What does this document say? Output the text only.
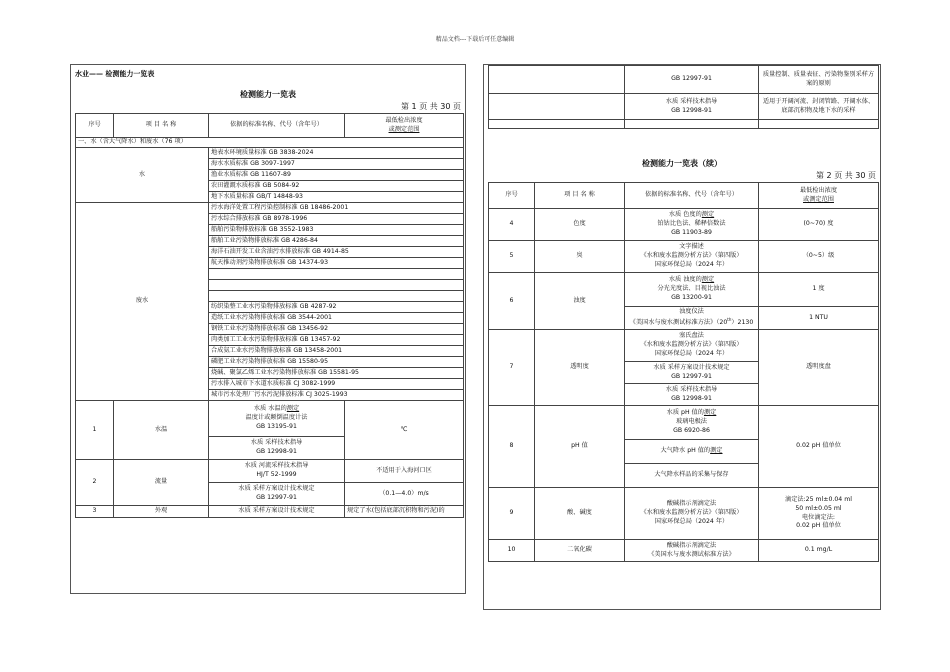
精品文档---下载后可任意编辑
水业—— 检测能力一览表
检测能力一览表
第 1 页 共 30 页
序号	项 目 名 称	依据的标准名称、代号（含年号）	最低检出浓度
或测定范围
一、水（含大气降水）和废水（76 项）			
水		地表水环境质量标准 GB 3838-2024	
		海水水质标准 GB 3097-1997	
		渔业水质标准 GB 11607-89	
		农田灌溉水质标准 GB 5084-92	
		地下水质量标准 GB/T 14848-93	
废水		污水海洋处置工程污染控制标准 GB 18486-2001	
		污水综合排放标准 GB 8978-1996	
		船舶污染物排放标准 GB 3552-1983	
		船舶工业污染物排放标准 GB 4286-84	
		海洋石油开发工业含油污水排放标准 GB 4914-85	
		航天推动剂污染物排放标准 GB 14374-93	

		纺织染整工业水污染物排放标准 GB 4287-92	
		造纸工业水污染物排放标准 GB 3544-2001	
		钢铁工业水污染物排放标准 GB 13456-92	
		肉类加工工业水污染物排放标准 GB 13457-92	
		合成氨工业水污染物排放标准 GB 13458-2001	
		磷肥工业水污染物排放标准 GB 15580-95	
		烧碱、聚氯乙烯工业水污染物排放标准 GB 15581-95	
		污水排入城市下水道水质标准 CJ 3082-1999	
		城市污水处理厂污水污泥排放标准 CJ 3025-1993	
1	水温	水质 水温的测定
温度计或颠倒温度计法
GB 13195-91	℃
		水质 采样技术指导
GB 12998-91	
2	流量	水质 河流采样技术指导
HJ/T 52-1999	不适用于入海河口区
		水质 采样方案设计技术规定
GB 12997-91	（0.1—4.0）m/s
3	外观	水质 采样方案设计技术规定	规定了水(包括底部沉积物和污泥)的
	GB 12997-91	质量控制、质量表征、污染物鉴别采样方案的原则
	水质 采样技术指导
GB 12998-91	适用于开阔河流、封闭管路、开阔水体、底部沉积物及地下水的采样

检测能力一览表（续）
第 2 页 共 30 页
序号	项 目 名 称	依据的标准名称、代号（含年号）	最低检出浓度
或测定范围
4	色度	水质 色度的测定
铂钴比色法、稀释倍数法
GB 11903-89	(0~70) 度
5	臭	文字描述
《水和废水监测分析方法》（第四版）
国家环保总局（2024 年）	（0~5）级
6	浊度	水质 浊度的测定
分光光度法、目视比浊法
GB 13200-91	1 度
		浊度仪法
《美国水与废水测试标准方法》（20th）2130	1 NTU
7	透明度	塞氏盘法
《水和废水监测分析方法》（第四版）
国家环保总局（2024 年）	透明度盘
		水质 采样方案设计技术规定
GB 12997-91	
		水质 采样技术指导
GB 12998-91	
8	pH 值	水质 pH 值的测定
玻璃电极法
GB 6920-86	0.02 pH 值单位
		大气降水 pH 值的测定	
		大气降水样品的采集与保存	
9	酸、碱度	酸碱指示剂滴定法
《水和废水监测分析方法》（第四版）
国家环保总局（2024 年）	滴定法:25 ml±0.04 ml
50 ml±0.05 ml
电位滴定法:
0.02 pH 值单位
10	二氧化碳	酸碱指示剂滴定法
《美国水与废水测试标准方法》	0.1 mg/L
